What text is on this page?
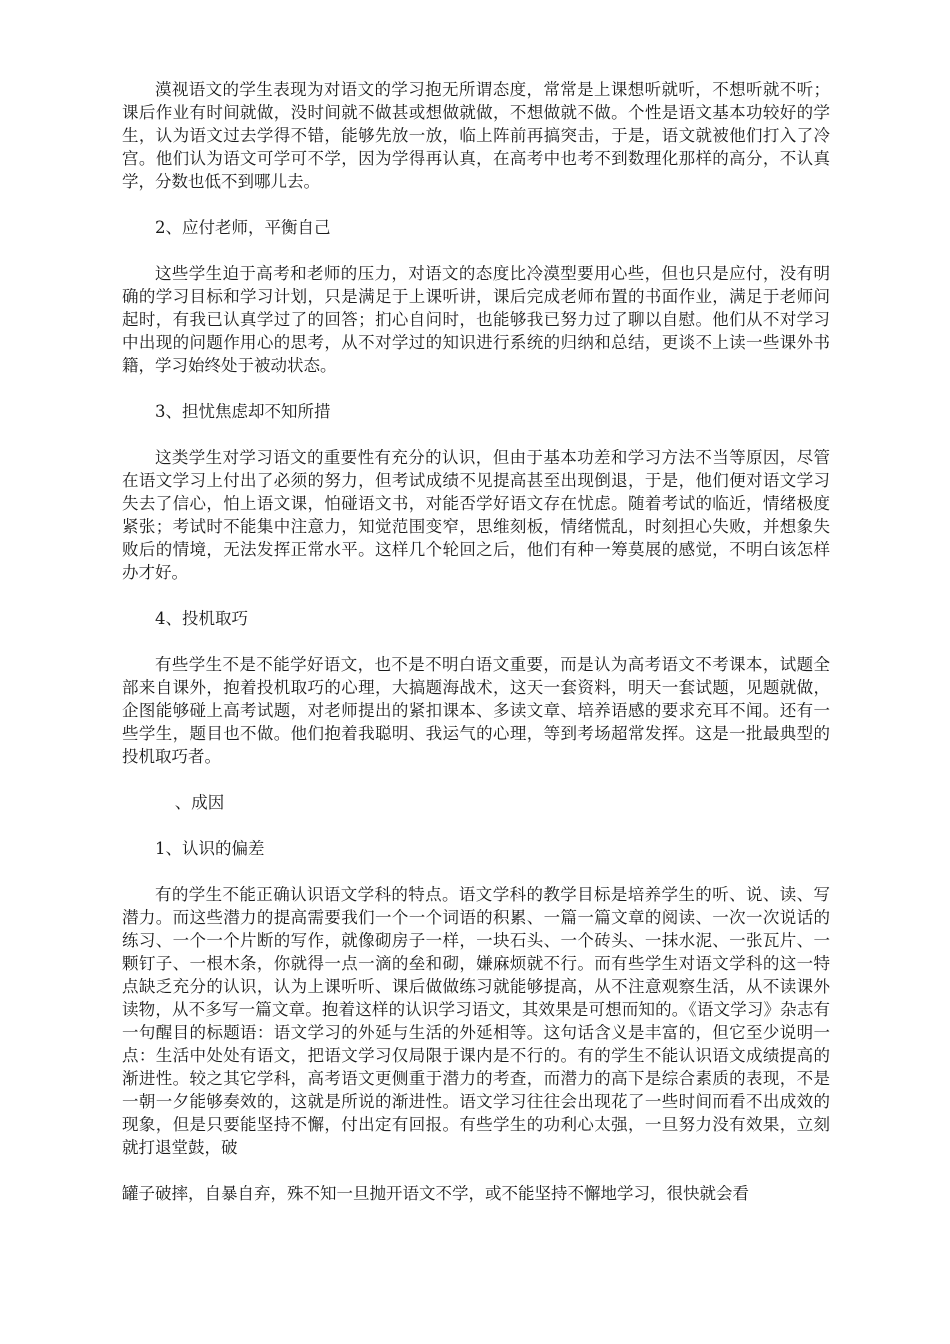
漠视语文的学生表现为对语文的学习抱无所谓态度，常常是上课想听就听，不想听就不听；课后作业有时间就做，没时间就不做甚或想做就做，不想做就不做。个性是语文基本功较好的学生，认为语文过去学得不错，能够先放一放，临上阵前再搞突击，于是，语文就被他们打入了冷宫。他们认为语文可学可不学，因为学得再认真，在高考中也考不到数理化那样的高分，不认真学，分数也低不到哪儿去。

2、应付老师，平衡自己

这些学生迫于高考和老师的压力，对语文的态度比冷漠型要用心些，但也只是应付，没有明确的学习目标和学习计划，只是满足于上课听讲，课后完成老师布置的书面作业，满足于老师问起时，有我已认真学过了的回答；扪心自问时，也能够我已努力过了聊以自慰。他们从不对学习中出现的问题作用心的思考，从不对学过的知识进行系统的归纳和总结，更谈不上读一些课外书籍，学习始终处于被动状态。

3、担忧焦虑却不知所措

这类学生对学习语文的重要性有充分的认识，但由于基本功差和学习方法不当等原因，尽管在语文学习上付出了必须的努力，但考试成绩不见提高甚至出现倒退，于是，他们便对语文学习失去了信心，怕上语文课，怕碰语文书，对能否学好语文存在忧虑。随着考试的临近，情绪极度紧张；考试时不能集中注意力，知觉范围变窄，思维刻板，情绪慌乱，时刻担心失败，并想象失败后的情境，无法发挥正常水平。这样几个轮回之后，他们有种一筹莫展的感觉，不明白该怎样办才好。

4、投机取巧

有些学生不是不能学好语文，也不是不明白语文重要，而是认为高考语文不考课本，试题全部来自课外，抱着投机取巧的心理，大搞题海战术，这天一套资料，明天一套试题，见题就做，企图能够碰上高考试题，对老师提出的紧扣课本、多读文章、培养语感的要求充耳不闻。还有一些学生，题目也不做。他们抱着我聪明、我运气的心理，等到考场超常发挥。这是一批最典型的投机取巧者。

、成因

1、认识的偏差

有的学生不能正确认识语文学科的特点。语文学科的教学目标是培养学生的听、说、读、写潜力。而这些潜力的提高需要我们一个一个词语的积累、一篇一篇文章的阅读、一次一次说话的练习、一个一个片断的写作，就像砌房子一样，一块石头、一个砖头、一抹水泥、一张瓦片、一颗钉子、一根木条，你就得一点一滴的垒和砌，嫌麻烦就不行。而有些学生对语文学科的这一特点缺乏充分的认识，认为上课听听、课后做做练习就能够提高，从不注意观察生活，从不读课外读物，从不多写一篇文章。抱着这样的认识学习语文，其效果是可想而知的。《语文学习》杂志有一句醒目的标题语：语文学习的外延与生活的外延相等。这句话含义是丰富的，但它至少说明一点：生活中处处有语文，把语文学习仅局限于课内是不行的。有的学生不能认识语文成绩提高的渐进性。较之其它学科，高考语文更侧重于潜力的考查，而潜力的高下是综合素质的表现，不是一朝一夕能够奏效的，这就是所说的渐进性。语文学习往往会出现花了一些时间而看不出成效的现象，但是只要能坚持不懈，付出定有回报。有些学生的功利心太强，一旦努力没有效果，立刻就打退堂鼓，破

罐子破摔，自暴自弃，殊不知一旦抛开语文不学，或不能坚持不懈地学习，很快就会看
